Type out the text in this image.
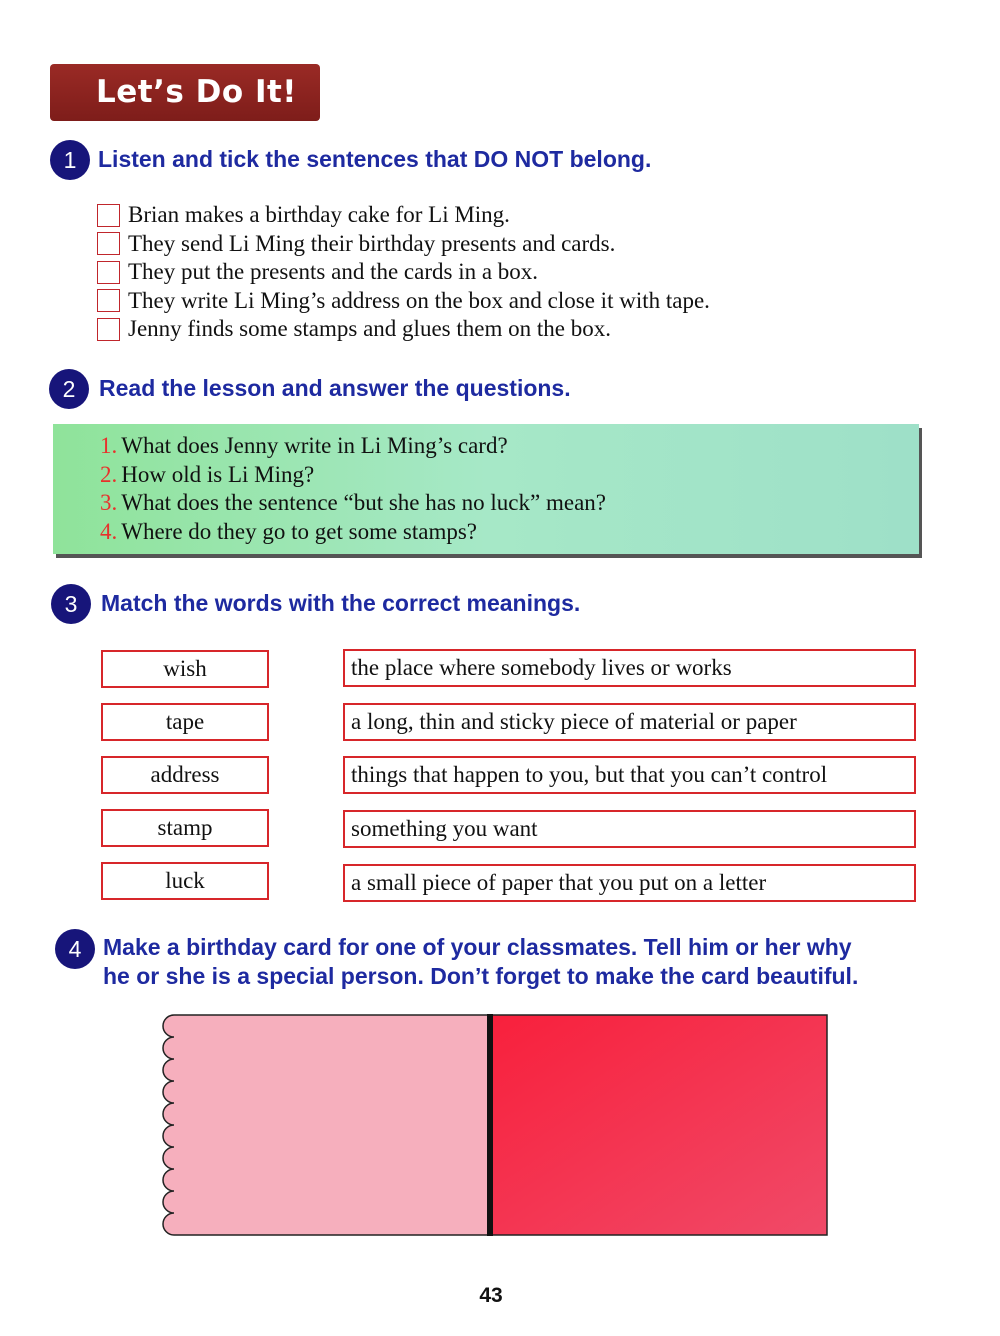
Let’s Do It!
1 Listen and tick the sentences that DO NOT belong.
Brian makes a birthday cake for Li Ming.
They send Li Ming their birthday presents and cards.
They put the presents and the cards in a box.
They write Li Ming’s address on the box and close it with tape.
Jenny finds some stamps and glues them on the box.
2	Read the lesson and answer the questions.
1. What does Jenny write in Li Ming’s card?
2. How old is Li Ming?
3. What does the sentence “but she has no luck” mean?
4. Where do they go to get some stamps?
3	Match the words with the correct meanings.
wish
tape
address
stamp
luck
the place where somebody lives or works
a long, thin and sticky piece of material or paper
things that happen to you, but that you can’t control
something you want
a small piece of paper that you put on a letter
4 Make a birthday card for one of your classmates. Tell him or her why
he or she is a special person. Don’t forget to make the card beautiful.
43
